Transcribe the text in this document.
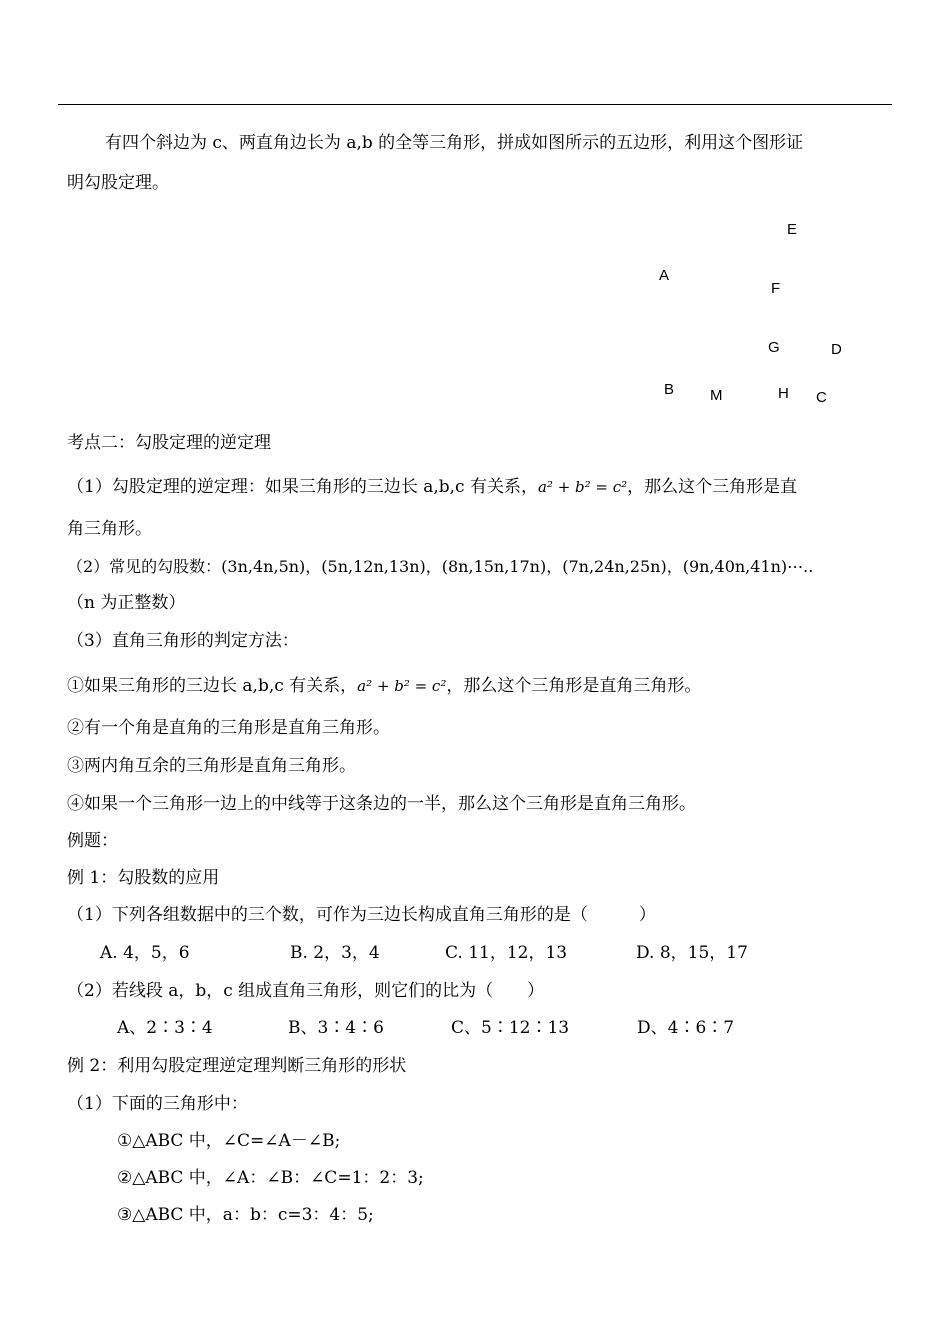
有四个斜边为 c、两直角边长为 a,b 的全等三角形，拼成如图所示的五边形，利用这个图形证
明勾股定理。
E
A
F
G	D
B M	H C
考点二：勾股定理的逆定理
（1）勾股定理的逆定理：如果三角形的三边长 a,b,c 有关系，a² + b² = c²，那么这个三角形是直
角三角形。
（2）常见的勾股数：(3n,4n,5n)，(5n,12n,13n)，(8n,15n,17n)，(7n,24n,25n)，(9n,40n,41n)⋯..
（n 为正整数）
（3）直角三角形的判定方法：
①如果三角形的三边长 a,b,c 有关系，a² + b² = c²，那么这个三角形是直角三角形。
②有一个角是直角的三角形是直角三角形。
③两内角互余的三角形是直角三角形。
④如果一个三角形一边上的中线等于这条边的一半，那么这个三角形是直角三角形。
例题：
例 1：勾股数的应用
（1）下列各组数据中的三个数，可作为三边长构成直角三角形的是（　　　）
A. 4，5，6	B. 2，3，4	C. 11，12，13	D. 8，15，17
（2）若线段 a，b，c 组成直角三角形，则它们的比为（　　）
A、2∶3∶4	B、3∶4∶6	C、5∶12∶13	D、4∶6∶7
例 2：利用勾股定理逆定理判断三角形的形状
（1）下面的三角形中：
①△ABC 中，∠C=∠A－∠B;
②△ABC 中，∠A：∠B：∠C=1：2：3;
③△ABC 中，a：b：c=3：4：5;
